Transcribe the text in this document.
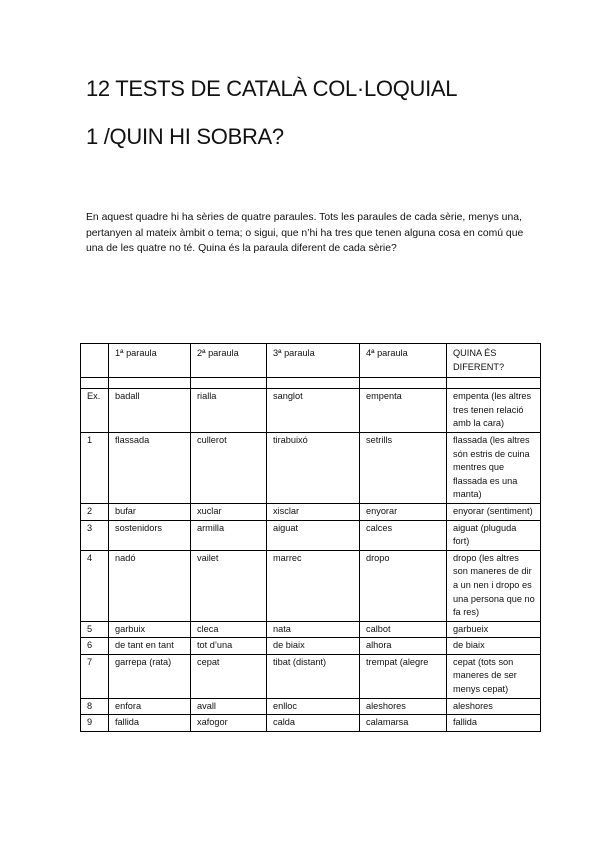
12 TESTS DE CATALÀ COL·LOQUIAL
1 /QUIN HI SOBRA?

En aquest quadre hi ha sèries de quatre paraules. Tots les paraules de cada sèrie, menys una, pertanyen al mateix àmbit o tema; o sigui, que n’hi ha tres que tenen alguna cosa en comú que una de les quatre no té. Quina és la paraula diferent de cada sèrie?

	1ª paraula	2ª paraula	3ª paraula	4ª paraula	QUINA ÉS DIFERENT?

Ex.	badall	rialla	sanglot	empenta	empenta (les altres tres tenen relació amb la cara)
1	flassada	cullerot	tirabuixó	setrills	flassada (les altres són estris de cuina mentres que flassada es una manta)
2	bufar	xuclar	xisclar	enyorar	enyorar (sentiment)
3	sostenidors	armilla	aiguat	calces	aiguat (pluguda fort)
4	nadó	vailet	marrec	dropo	dropo (les altres son maneres de dir a un nen i dropo es una persona que no fa res)
5	garbuix	cleca	nata	calbot	garbueix
6	de tant en tant	tot d’una	de biaix	alhora	de biaix
7	garrepa (rata)	cepat	tibat (distant)	trempat (alegre	cepat (tots son maneres de ser menys cepat)
8	enfora	avall	enlloc	aleshores	aleshores
9	fallida	xafogor	calda	calamarsa	fallida
